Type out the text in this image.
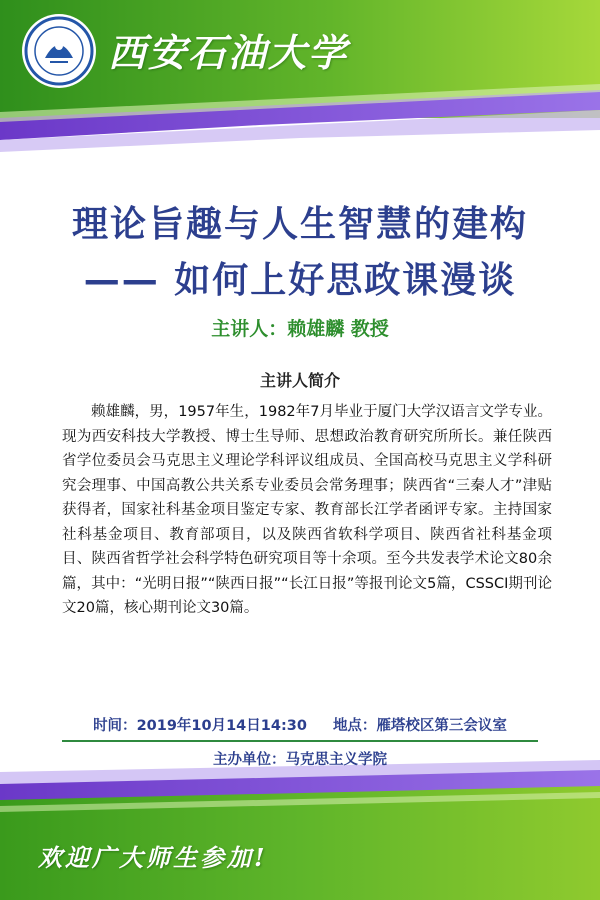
西安石油大学
理论旨趣与人生智慧的建构
—— 如何上好思政课漫谈
主讲人：赖雄麟 教授
主讲人简介

赖雄麟，男，1957年生，1982年7月毕业于厦门大学汉语言文学专业。现为西安科技大学教授、博士生导师、思想政治教育研究所所长。兼任陕西省学位委员会马克思主义理论学科评议组成员、全国高校马克思主义学科研究会理事、中国高教公共关系专业委员会常务理事；陕西省“三秦人才”津贴获得者，国家社科基金项目鉴定专家、教育部长江学者函评专家。主持国家社科基金项目、教育部项目，以及陕西省软科学项目、陕西省社科基金项目、陕西省哲学社会科学特色研究项目等十余项。至今共发表学术论文80余篇，其中：“光明日报”“陕西日报”“长江日报”等报刊论文5篇，CSSCI期刊论文20篇，核心期刊论文30篇。

时间：2019年10月14日14:30 地点：雁塔校区第三会议室
主办单位：马克思主义学院
欢迎广大师生参加!
